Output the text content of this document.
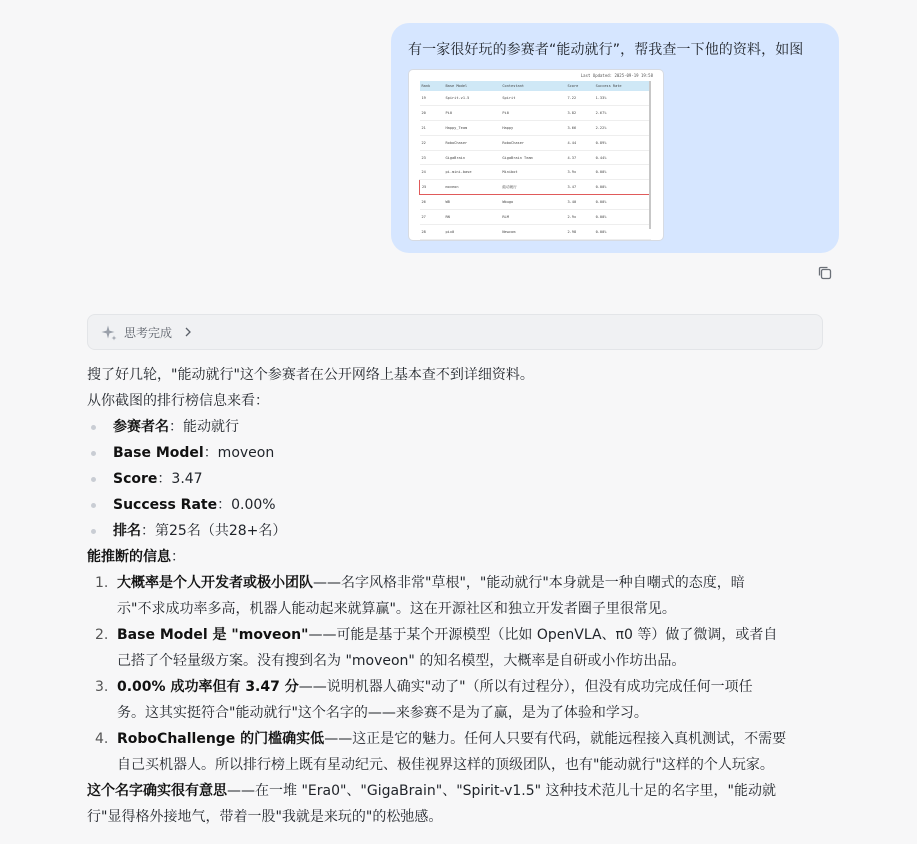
有一家很好玩的参赛者“能动就行”，帮我查一下他的资料，如图
Last Updated: 2025-09-19 19:58
Rank	Base Model	Contestant	Score	Success Rate
19	Spirit-v1.5	Spirit	7.22	1.33%
20	Pi0	Pi0	3.82	2.67%
21	Happy_Team	Happy	3.66	2.22%
22	RoboChaser	RoboChaser	4.44	0.89%
23	GigaBrain	GigaBrain Team	4.37	0.44%
24	pi-mini-base	Minibot	3.9x	0.00%
25	moveon	能动就行	3.47	0.00%
26	WB	Wbugo	3.40	0.00%
27	RN	RLM	2.9x	0.00%
28	pix0	Newcom	2.98	0.00%
思考完成

搜了好几轮，"能动就行"这个参赛者在公开网络上基本查不到详细资料。

从你截图的排行榜信息来看：

参赛者名：能动就行
Base Model：moveon
Score：3.47
Success Rate：0.00%
排名：第25名（共28+名）

能推断的信息：

1. 大概率是个人开发者或极小团队——名字风格非常"草根"，"能动就行"本身就是一种自嘲式的态度，暗
示"不求成功率多高，机器人能动起来就算赢"。这在开源社区和独立开发者圈子里很常见。
2. Base Model 是 "moveon"——可能是基于某个开源模型（比如 OpenVLA、π0 等）做了微调，或者自
己搭了个轻量级方案。没有搜到名为 "moveon" 的知名模型，大概率是自研或小作坊出品。
3. 0.00% 成功率但有 3.47 分——说明机器人确实"动了"（所以有过程分），但没有成功完成任何一项任
务。这其实挺符合"能动就行"这个名字的——来参赛不是为了赢，是为了体验和学习。
4. RoboChallenge 的门槛确实低——这正是它的魅力。任何人只要有代码，就能远程接入真机测试，不需要
自己买机器人。所以排行榜上既有星动纪元、极佳视界这样的顶级团队，也有"能动就行"这样的个人玩家。

这个名字确实很有意思——在一堆 "Era0"、"GigaBrain"、"Spirit-v1.5" 这种技术范儿十足的名字里，"能动就
行"显得格外接地气，带着一股"我就是来玩的"的松弛感。
